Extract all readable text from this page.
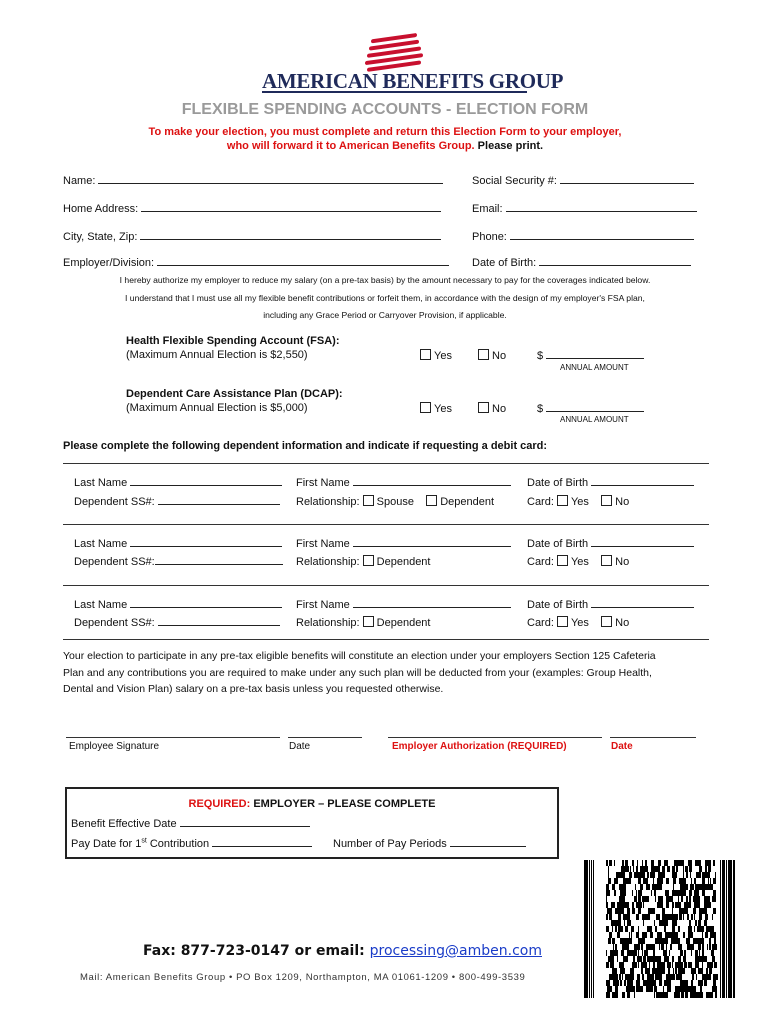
AMERICAN BENEFITS GROUP
FLEXIBLE SPENDING ACCOUNTS - ELECTION FORM
To make your election, you must complete and return this Election Form to your employer,
who will forward it to American Benefits Group. Please print.
Name:	Social Security #:
Home Address:	Email:
City, State, Zip:	Phone:
Employer/Division:	Date of Birth:
I hereby authorize my employer to reduce my salary (on a pre-tax basis) by the amount necessary to pay for the coverages indicated below.
I understand that I must use all my flexible benefit contributions or forfeit them, in accordance with the design of my employer's FSA plan,
including any Grace Period or Carryover Provision, if applicable.
Health Flexible Spending Account (FSA):
(Maximum Annual Election is $2,550)	Yes	No	$
ANNUAL AMOUNT
Dependent Care Assistance Plan (DCAP):
(Maximum Annual Election is $5,000)	Yes	No	$
ANNUAL AMOUNT
Please complete the following dependent information and indicate if requesting a debit card:
Last Name	First Name	Date of Birth
Dependent SS#:	Relationship: Spouse Dependent	Card: Yes No
Last Name	First Name	Date of Birth
Dependent SS#:	Relationship: Dependent	Card: Yes No
Last Name	First Name	Date of Birth
Dependent SS#:	Relationship: Dependent	Card: Yes No
Your election to participate in any pre-tax eligible benefits will constitute an election under your employers Section 125 Cafeteria
Plan and any contributions you are required to make under any such plan will be deducted from your (examples: Group Health,
Dental and Vision Plan) salary on a pre-tax basis unless you requested otherwise.
Employee Signature	Date	Employer Authorization (REQUIRED)	Date
REQUIRED: EMPLOYER – PLEASE COMPLETE
Benefit Effective Date
Pay Date for 1st Contribution	Number of Pay Periods
Fax: 877-723-0147 or email: processing@amben.com
Mail: American Benefits Group • PO Box 1209, Northampton, MA 01061-1209 • 800-499-3539
